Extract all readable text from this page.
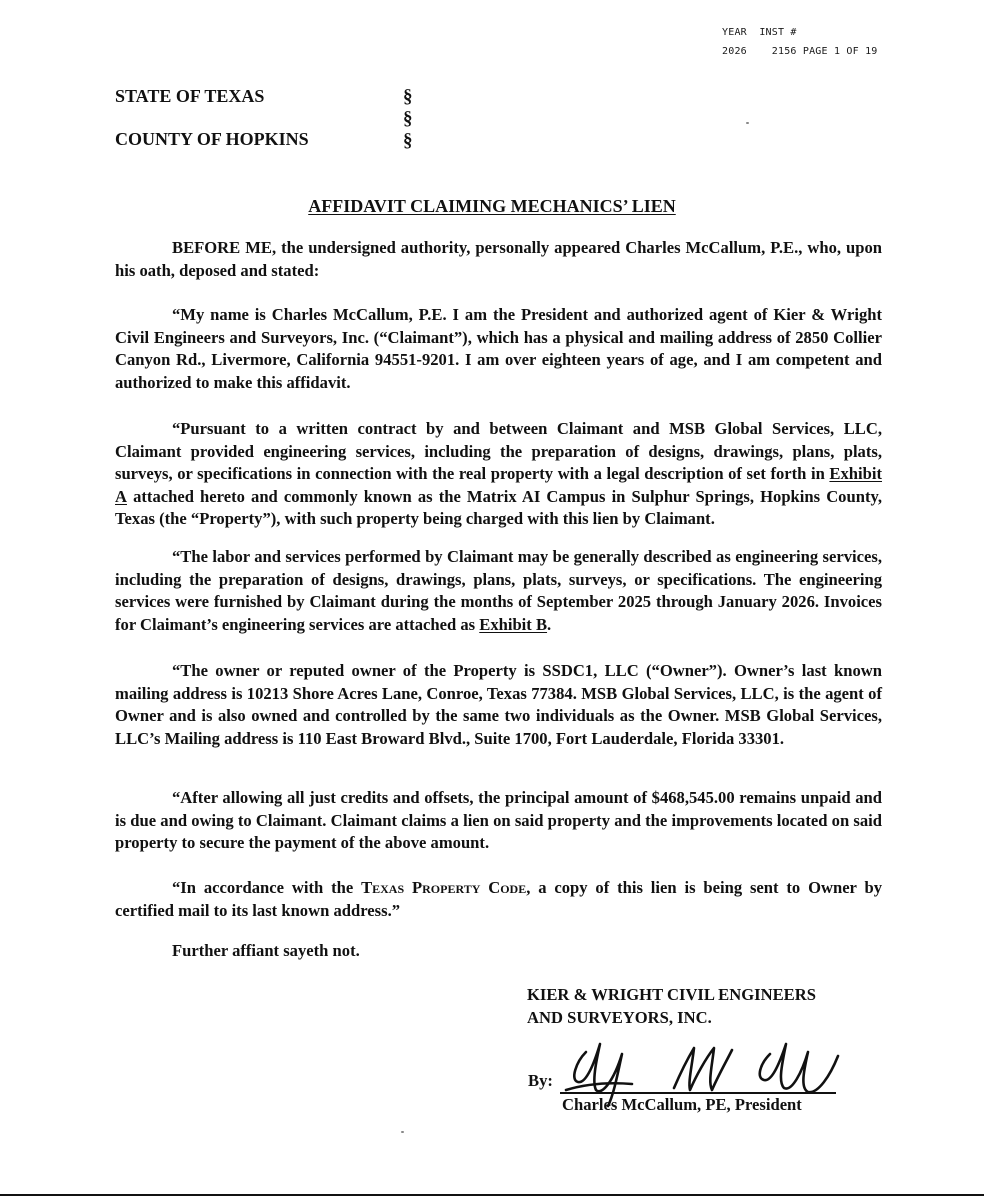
YEAR  INST #
2026    2156 PAGE 1 OF 19
STATE OF TEXAS
COUNTY OF HOPKINS
§
§
§
AFFIDAVIT CLAIMING MECHANICS’ LIEN
BEFORE ME, the undersigned authority, personally appeared Charles McCallum, P.E., who, upon his oath, deposed and stated:
“My name is Charles McCallum, P.E. I am the President and authorized agent of Kier & Wright Civil Engineers and Surveyors, Inc. (“Claimant”), which has a physical and mailing address of 2850 Collier Canyon Rd., Livermore, California 94551-9201. I am over eighteen years of age, and I am competent and authorized to make this affidavit.
“Pursuant to a written contract by and between Claimant and MSB Global Services, LLC, Claimant provided engineering services, including the preparation of designs, drawings, plans, plats, surveys, or specifications in connection with the real property with a legal description of set forth in Exhibit A attached hereto and commonly known as the Matrix AI Campus in Sulphur Springs, Hopkins County, Texas (the “Property”), with such property being charged with this lien by Claimant.
“The labor and services performed by Claimant may be generally described as engineering services, including the preparation of designs, drawings, plans, plats, surveys, or specifications. The engineering services were furnished by Claimant during the months of September 2025 through January 2026. Invoices for Claimant’s engineering services are attached as Exhibit B.
“The owner or reputed owner of the Property is SSDC1, LLC (“Owner”). Owner’s last known mailing address is 10213 Shore Acres Lane, Conroe, Texas 77384. MSB Global Services, LLC, is the agent of Owner and is also owned and controlled by the same two individuals as the Owner. MSB Global Services, LLC’s Mailing address is 110 East Broward Blvd., Suite 1700, Fort Lauderdale, Florida 33301.
“After allowing all just credits and offsets, the principal amount of $468,545.00 remains unpaid and is due and owing to Claimant. Claimant claims a lien on said property and the improvements located on said property to secure the payment of the above amount.
“In accordance with the Texas Property Code, a copy of this lien is being sent to Owner by certified mail to its last known address.”
Further affiant sayeth not.
KIER & WRIGHT CIVIL ENGINEERS
AND SURVEYORS, INC.
By:
Charles McCallum, PE, President
